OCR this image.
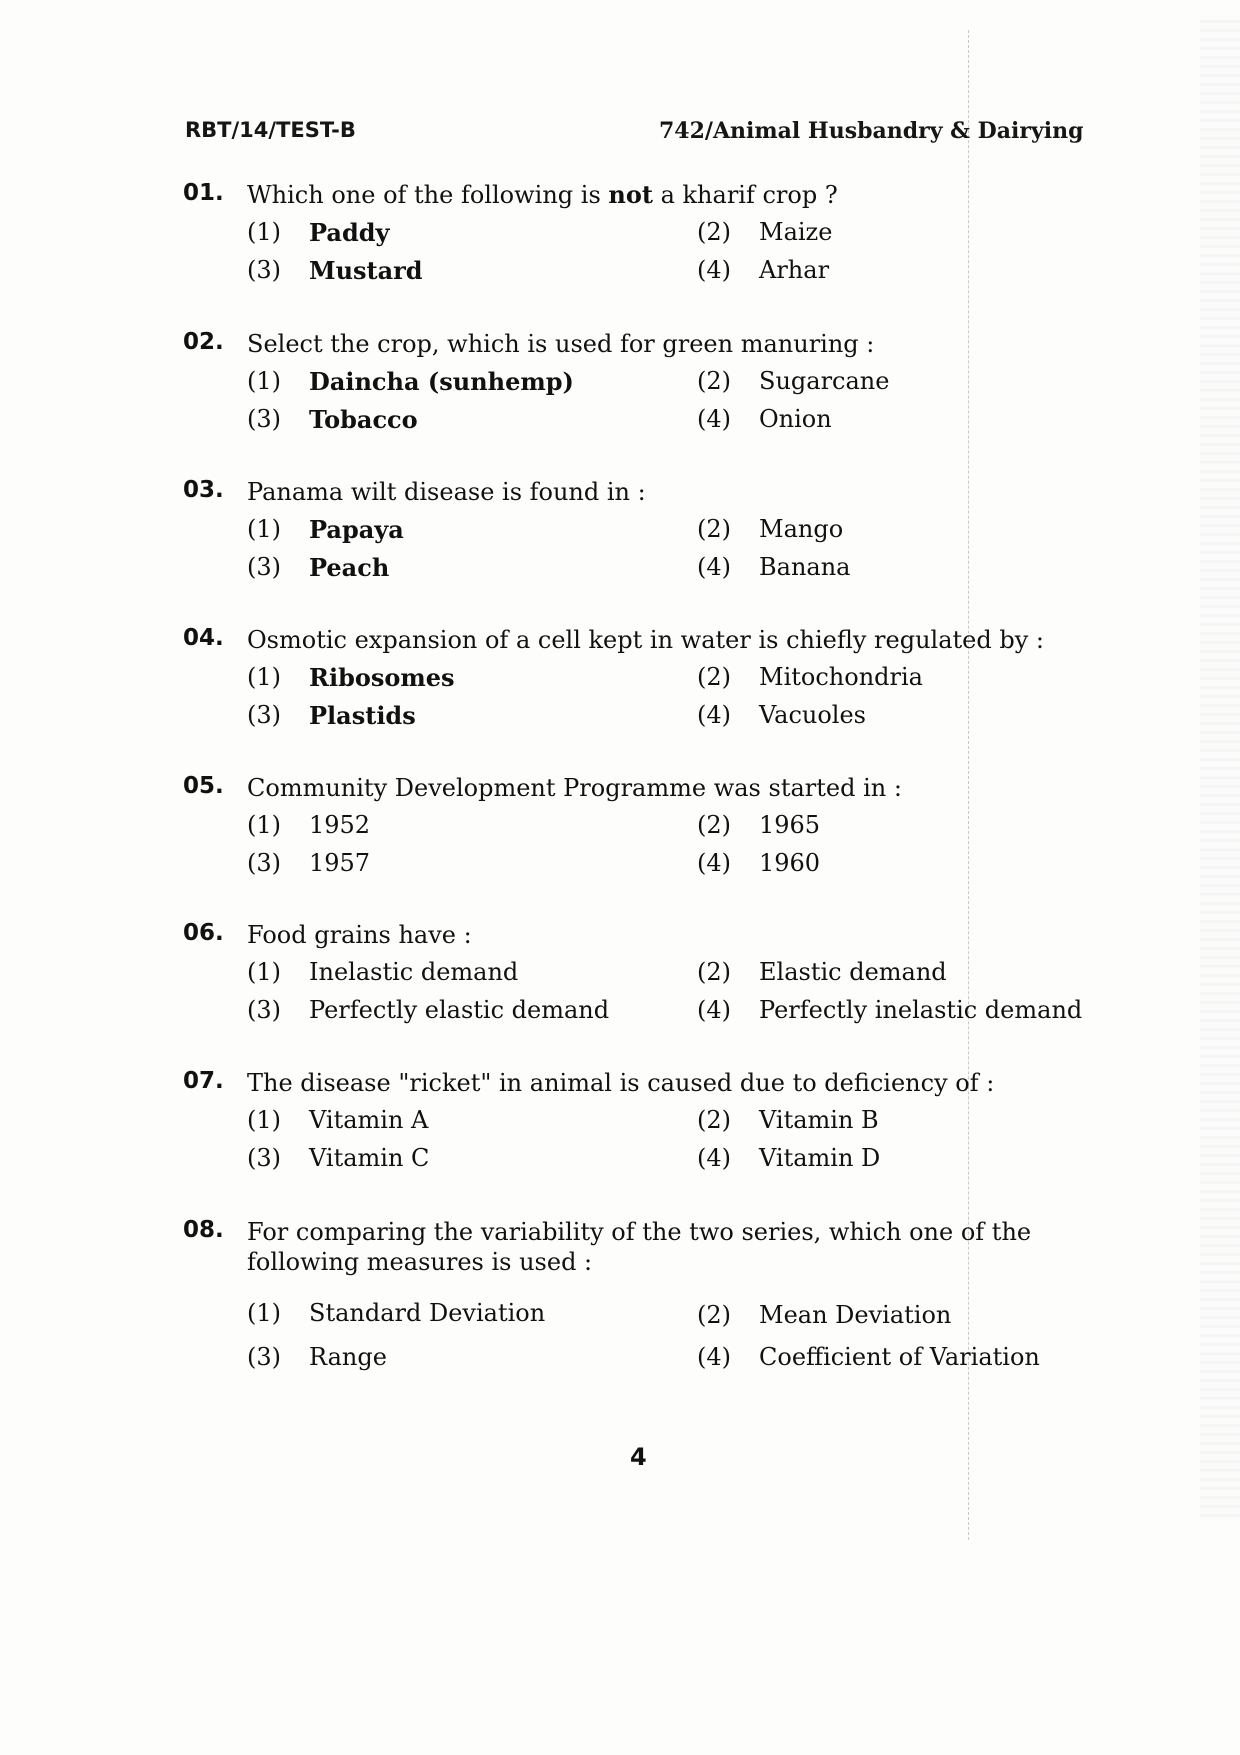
RBT/14/TEST-B	742/Animal Husbandry & Dairying
01. Which one of the following is not a kharif crop ?
(1) Paddy	(2) Maize
(3) Mustard	(4) Arhar
02. Select the crop, which is used for green manuring :
(1) Daincha (sunhemp)	(2) Sugarcane
(3) Tobacco	(4) Onion
03. Panama wilt disease is found in :
(1) Papaya	(2) Mango
(3) Peach	(4) Banana
04. Osmotic expansion of a cell kept in water is chiefly regulated by :
(1) Ribosomes	(2) Mitochondria
(3) Plastids	(4) Vacuoles
05. Community Development Programme was started in :
(1) 1952	(2) 1965
(3) 1957	(4) 1960
06. Food grains have :
(1) Inelastic demand	(2) Elastic demand
(3) Perfectly elastic demand	(4) Perfectly inelastic demand
07. The disease "ricket" in animal is caused due to deficiency of :
(1) Vitamin A	(2) Vitamin B
(3) Vitamin C	(4) Vitamin D
08. For comparing the variability of the two series, which one of the following measures is used :
(1) Standard Deviation	(2) Mean Deviation
(3) Range	(4) Coefficient of Variation
4
